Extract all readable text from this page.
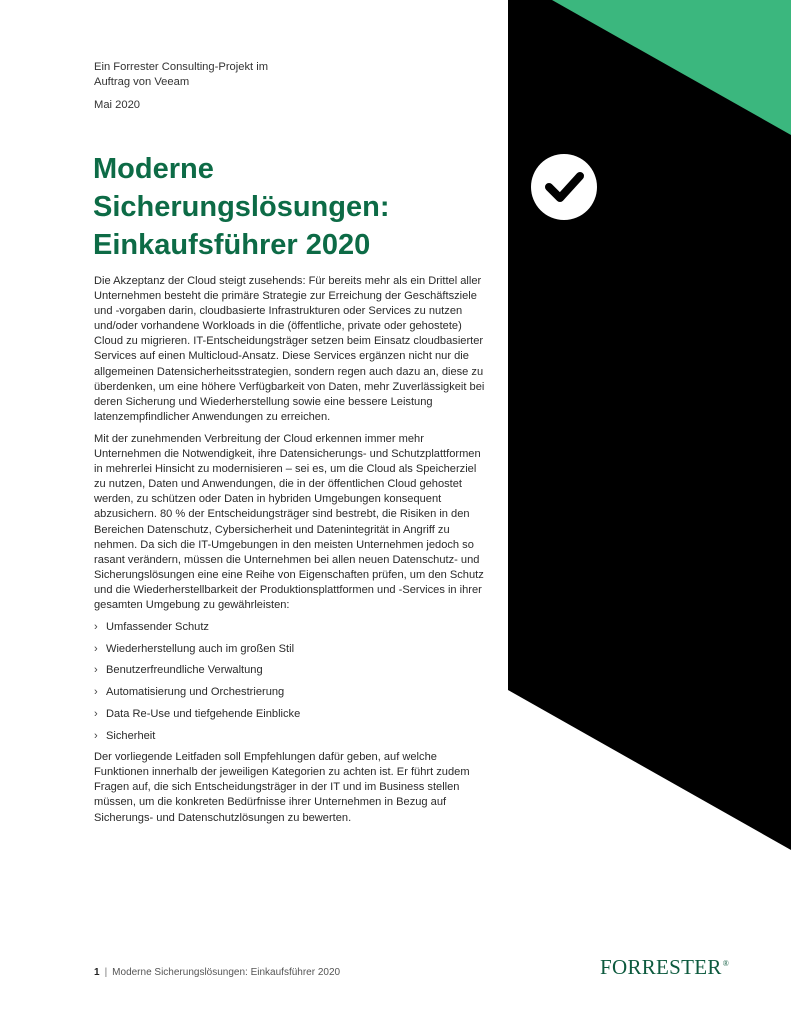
Ein Forrester Consulting-Projekt im
Auftrag von Veeam
Mai 2020
Moderne
Sicherungslösungen:
Einkaufsführer 2020

Die Akzeptanz der Cloud steigt zusehends: Für bereits mehr als ein Drittel aller Unternehmen besteht die primäre Strategie zur Erreichung der Geschäftsziele und -vorgaben darin, cloudbasierte Infrastrukturen oder Services zu nutzen und/oder vorhandene Workloads in die (öffentliche, private oder gehostete) Cloud zu migrieren. IT-Entscheidungsträger setzen beim Einsatz cloudbasierter Services auf einen Multicloud-Ansatz. Diese Services ergänzen nicht nur die allgemeinen Datensicherheitsstrategien, sondern regen auch dazu an, diese zu überdenken, um eine höhere Verfügbarkeit von Daten, mehr Zuverlässigkeit bei deren Sicherung und Wiederherstellung sowie eine bessere Leistung latenzempfindlicher Anwendungen zu erreichen.

Mit der zunehmenden Verbreitung der Cloud erkennen immer mehr Unternehmen die Notwendigkeit, ihre Datensicherungs- und Schutzplattformen in mehrerlei Hinsicht zu modernisieren – sei es, um die Cloud als Speicherziel zu nutzen, Daten und Anwendungen, die in der öffentlichen Cloud gehostet werden, zu schützen oder Daten in hybriden Umgebungen konsequent abzusichern. 80 % der Entscheidungsträger sind bestrebt, die Risiken in den Bereichen Datenschutz, Cybersicherheit und Datenintegrität in Angriff zu nehmen. Da sich die IT-Umgebungen in den meisten Unternehmen jedoch so rasant verändern, müssen die Unternehmen bei allen neuen Datenschutz- und Sicherungslösungen eine eine Reihe von Eigenschaften prüfen, um den Schutz und die Wiederherstellbarkeit der Produktionsplattformen und -Services in ihrer gesamten Umgebung zu gewährleisten:

› Umfassender Schutz
› Wiederherstellung auch im großen Stil
› Benutzerfreundliche Verwaltung
› Automatisierung und Orchestrierung
› Data Re-Use und tiefgehende Einblicke
› Sicherheit

Der vorliegende Leitfaden soll Empfehlungen dafür geben, auf welche Funktionen innerhalb der jeweiligen Kategorien zu achten ist. Er führt zudem Fragen auf, die sich Entscheidungsträger in der IT und im Business stellen müssen, um die konkreten Bedürfnisse ihrer Unternehmen in Bezug auf Sicherungs- und Datenschutzlösungen zu bewerten.

1 | Moderne Sicherungslösungen: Einkaufsführer 2020	FORRESTER®
